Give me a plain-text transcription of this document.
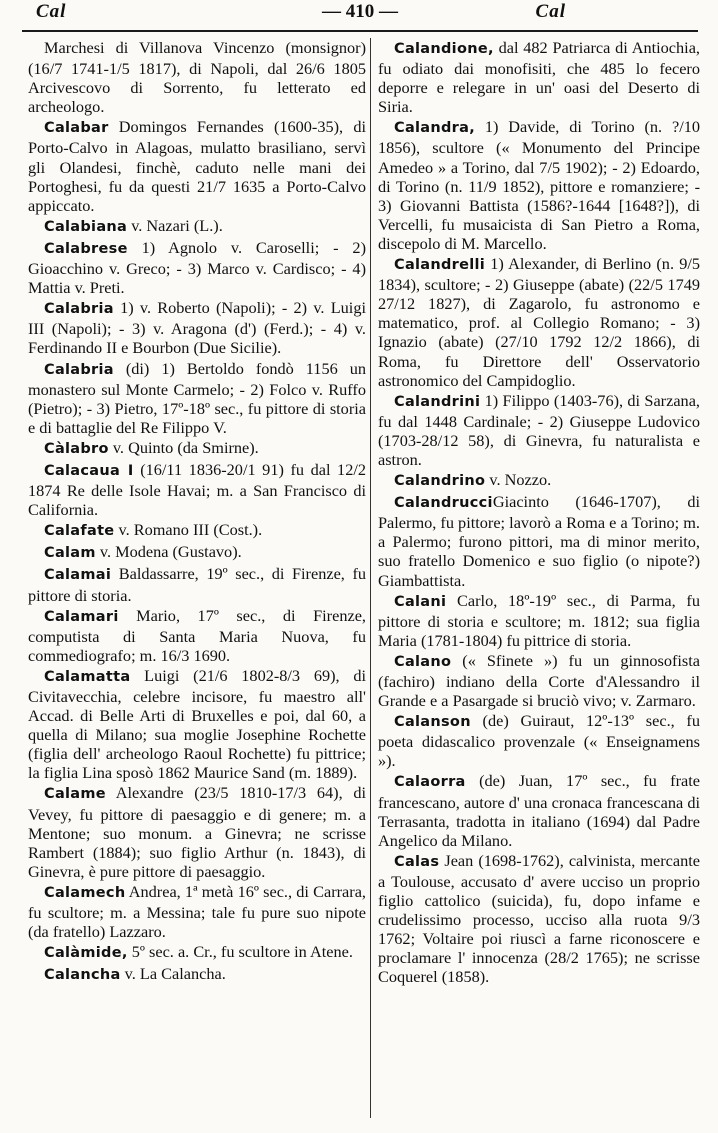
Cal	— 410 —	Cal

Marchesi di Villanova Vincenzo (monsignor) (16/7 1741-1/5 1817), di Napoli, dal 26/6 1805 Arcivescovo di Sorrento, fu letterato ed archeologo.

Calabar Domingos Fernandes (1600-35), di Porto-Calvo in Alagoas, mulatto brasiliano, servì gli Olandesi, finchè, caduto nelle mani dei Portoghesi, fu da questi 21/7 1635 a Porto-Calvo appiccato.

Calabiana v. Nazari (L.).

Calabrese 1) Agnolo v. Caroselli; - 2) Gioacchino v. Greco; - 3) Marco v. Cardisco; - 4) Mattia v. Preti.

Calabria 1) v. Roberto (Napoli); - 2) v. Luigi III (Napoli); - 3) v. Aragona (d') (Ferd.); - 4) v. Ferdinando II e Bourbon (Due Sicilie).

Calabria (di) 1) Bertoldo fondò 1156 un monastero sul Monte Carmelo; - 2) Folco v. Ruffo (Pietro); - 3) Pietro, 17º-18º sec., fu pittore di storia e di battaglie del Re Filippo V.

Càlabro v. Quinto (da Smirne).

Calacaua I (16/11 1836-20/1 91) fu dal 12/2 1874 Re delle Isole Havai; m. a San Francisco di California.

Calafate v. Romano III (Cost.).

Calam v. Modena (Gustavo).

Calamai Baldassarre, 19º sec., di Firenze, fu pittore di storia.

Calamari Mario, 17º sec., di Firenze, computista di Santa Maria Nuova, fu commediografo; m. 16/3 1690.

Calamatta Luigi (21/6 1802-8/3 69), di Civitavecchia, celebre incisore, fu maestro all' Accad. di Belle Arti di Bruxelles e poi, dal 60, a quella di Milano; sua moglie Josephine Rochette (figlia dell' archeologo Raoul Rochette) fu pittrice; la figlia Lina sposò 1862 Maurice Sand (m. 1889).

Calame Alexandre (23/5 1810-17/3 64), di Vevey, fu pittore di paesaggio e di genere; m. a Mentone; suo monum. a Ginevra; ne scrisse Rambert (1884); suo figlio Arthur (n. 1843), di Ginevra, è pure pittore di paesaggio.

Calamech Andrea, 1ª metà 16º sec., di Carrara, fu scultore; m. a Messina; tale fu pure suo nipote (da fratello) Lazzaro.

Calàmide, 5º sec. a. Cr., fu scultore in Atene.

Calancha v. La Calancha.

Calandione, dal 482 Patriarca di Antiochia, fu odiato dai monofisiti, che 485 lo fecero deporre e relegare in un' oasi del Deserto di Siria.

Calandra, 1) Davide, di Torino (n. ?/10 1856), scultore (« Monumento del Principe Amedeo » a Torino, dal 7/5 1902); - 2) Edoardo, di Torino (n. 11/9 1852), pittore e romanziere; - 3) Giovanni Battista (1586?-1644 [1648?]), di Vercelli, fu musaicista di San Pietro a Roma, discepolo di M. Marcello.

Calandrelli 1) Alexander, di Berlino (n. 9/5 1834), scultore; - 2) Giuseppe (abate) (22/5 1749 27/12 1827), di Zagarolo, fu astronomo e matematico, prof. al Collegio Romano; - 3) Ignazio (abate) (27/10 1792 12/2 1866), di Roma, fu Direttore dell' Osservatorio astronomico del Campidoglio.

Calandrini 1) Filippo (1403-76), di Sarzana, fu dal 1448 Cardinale; - 2) Giuseppe Ludovico (1703-28/12 58), di Ginevra, fu naturalista e astron.

Calandrino v. Nozzo.

CalandrucciGiacinto (1646-1707), di Palermo, fu pittore; lavorò a Roma e a Torino; m. a Palermo; furono pittori, ma di minor merito, suo fratello Domenico e suo figlio (o nipote?) Giambattista.

Calani Carlo, 18º-19º sec., di Parma, fu pittore di storia e scultore; m. 1812; sua figlia Maria (1781-1804) fu pittrice di storia.

Calano (« Sfinete ») fu un ginnosofista (fachiro) indiano della Corte d'Alessandro il Grande e a Pasargade si bruciò vivo; v. Zarmaro.

Calanson (de) Guiraut, 12º-13º sec., fu poeta didascalico provenzale (« Enseignamens »).

Calaorra (de) Juan, 17º sec., fu frate francescano, autore d' una cronaca francescana di Terrasanta, tradotta in italiano (1694) dal Padre Angelico da Milano.

Calas Jean (1698-1762), calvinista, mercante a Toulouse, accusato d' avere ucciso un proprio figlio cattolico (suicida), fu, dopo infame e crudelissimo processo, ucciso alla ruota 9/3 1762; Voltaire poi riuscì a farne riconoscere e proclamare l' innocenza (28/2 1765); ne scrisse Coquerel (1858).
